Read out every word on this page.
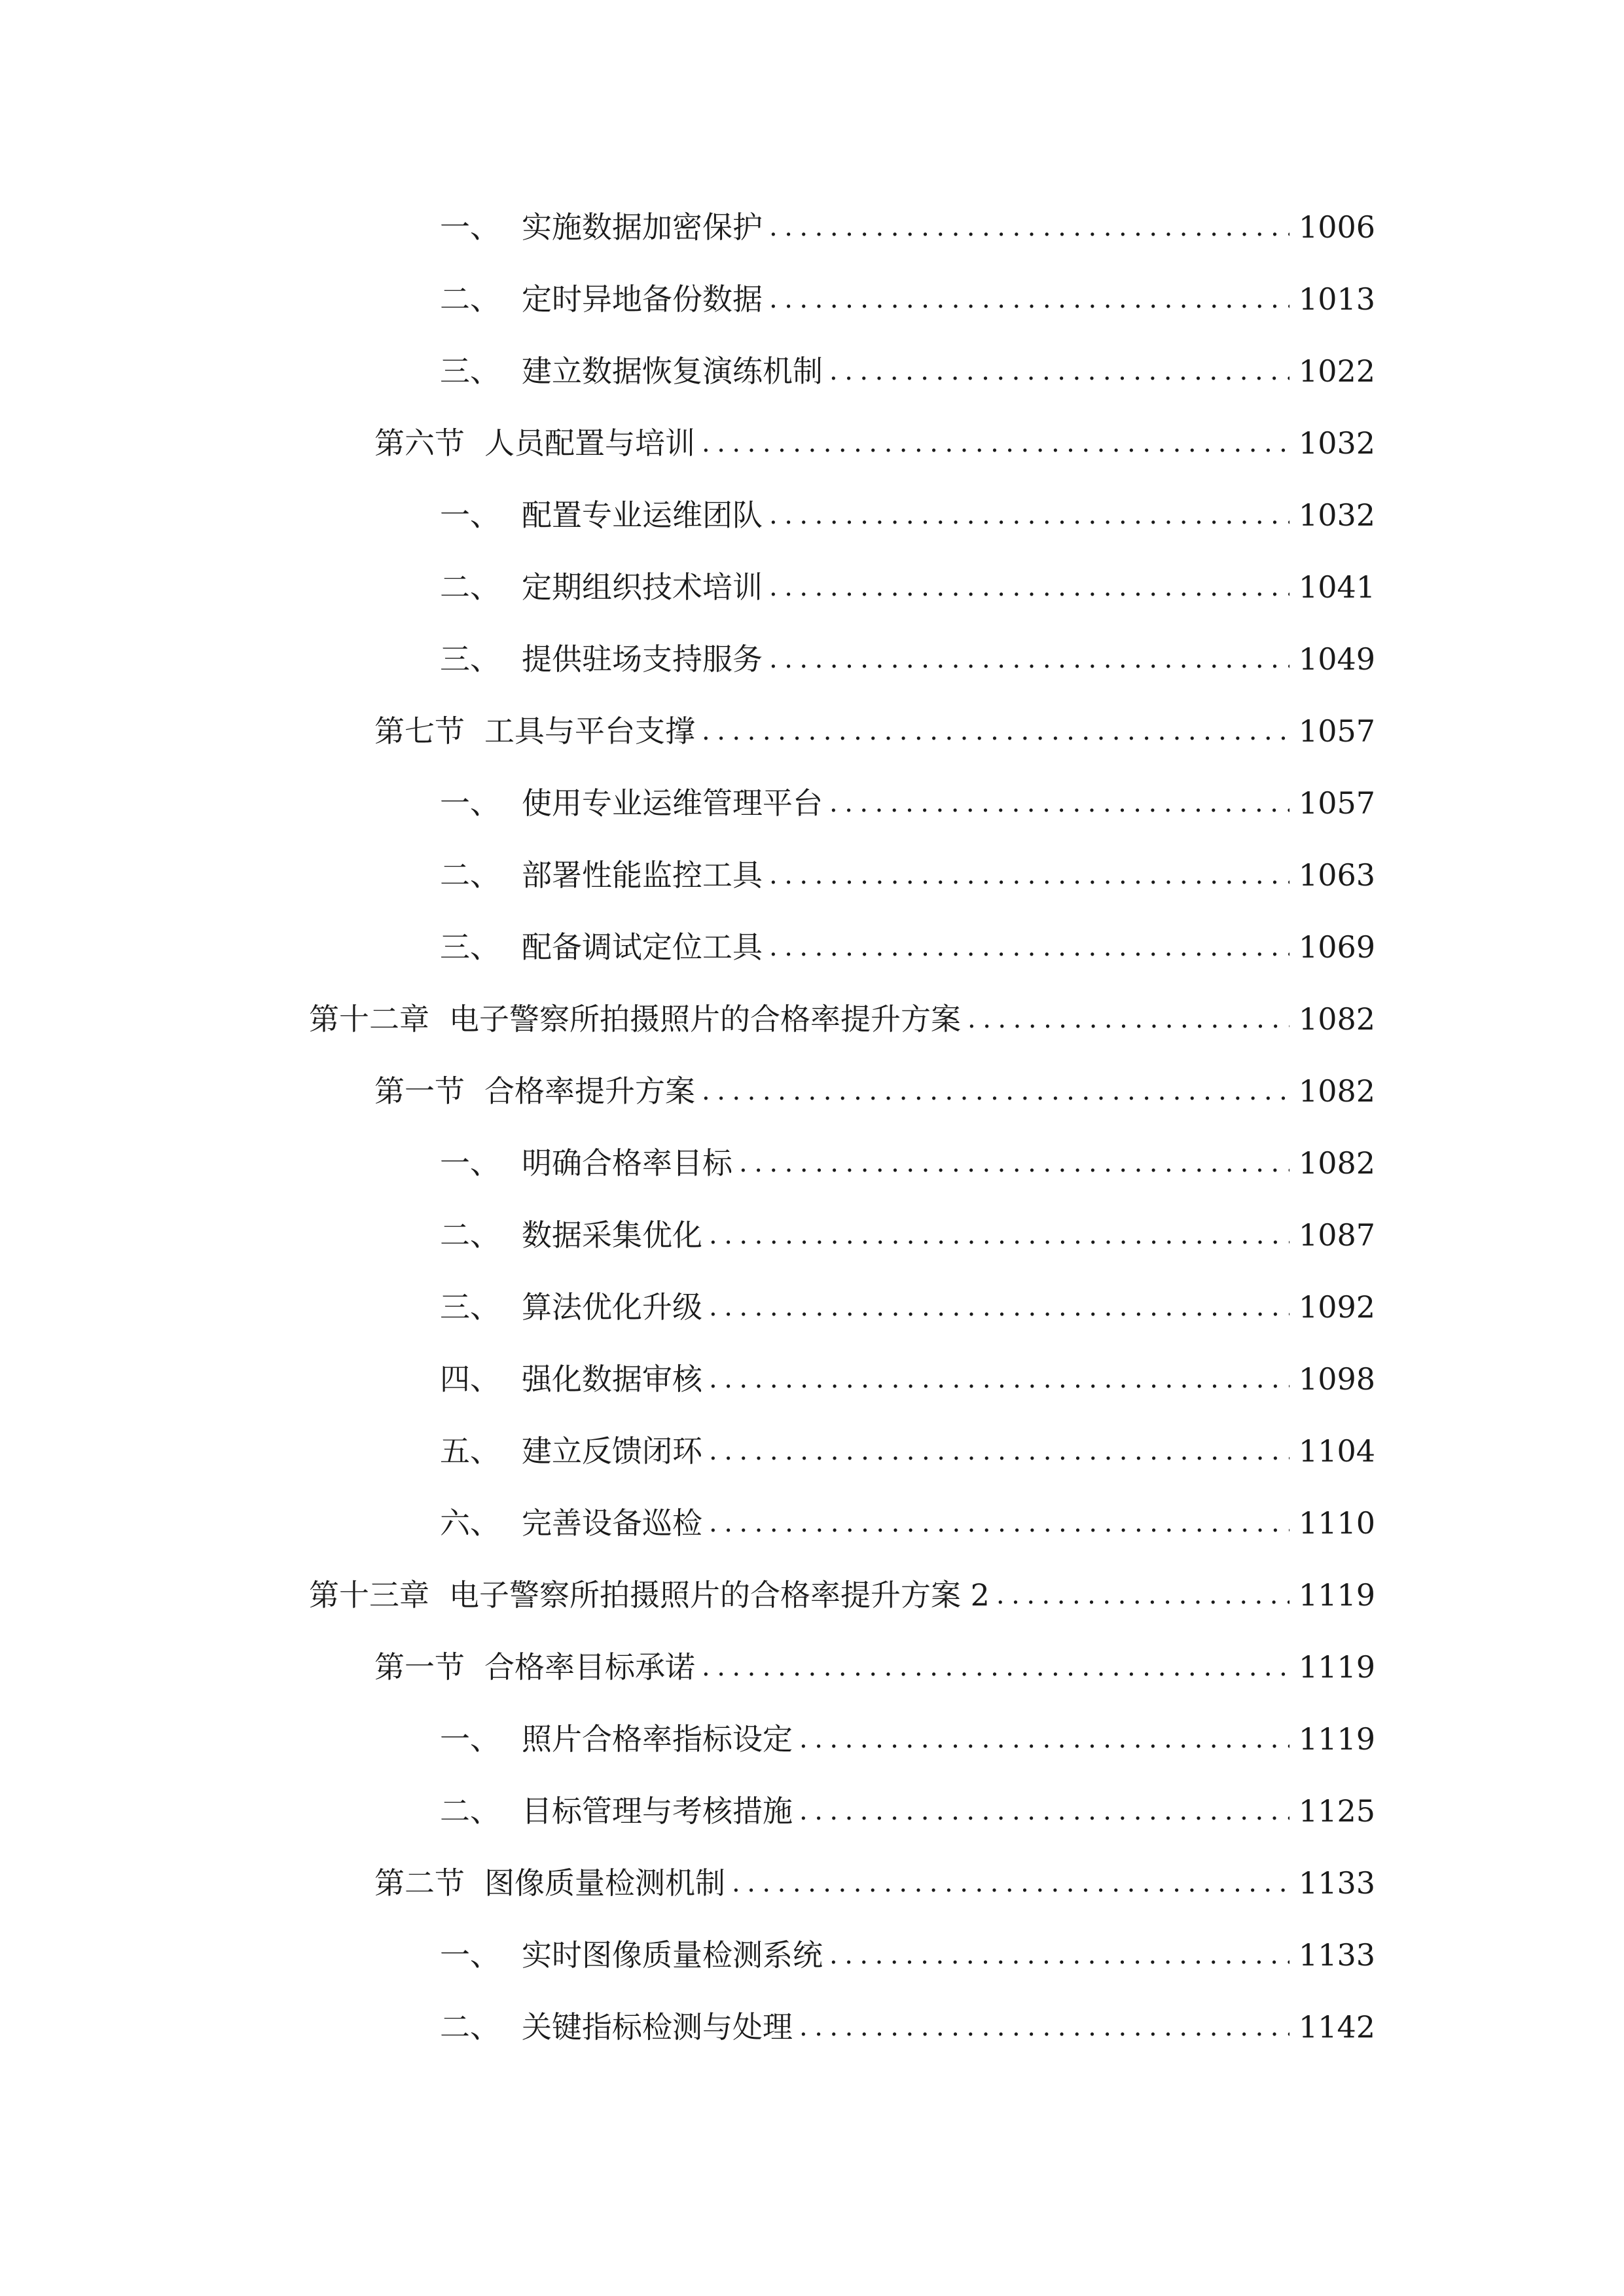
一、 实施数据加密保护 .....	1006
二、 定时异地备份数据 .....	1013
三、 建立数据恢复演练机制 .....	1022
第六节 人员配置与培训 .....	1032
一、 配置专业运维团队 .....	1032
二、 定期组织技术培训 .....	1041
三、 提供驻场支持服务 .....	1049
第七节 工具与平台支撑 .....	1057
一、 使用专业运维管理平台 .....	1057
二、 部署性能监控工具 .....	1063
三、 配备调试定位工具 .....	1069
第十二章 电子警察所拍摄照片的合格率提升方案 .....	1082
第一节 合格率提升方案 .....	1082
一、 明确合格率目标 .....	1082
二、 数据采集优化 .....	1087
三、 算法优化升级 .....	1092
四、 强化数据审核 .....	1098
五、 建立反馈闭环 .....	1104
六、 完善设备巡检 .....	1110
第十三章 电子警察所拍摄照片的合格率提升方案 2 .....	1119
第一节 合格率目标承诺 .....	1119
一、 照片合格率指标设定 .....	1119
二、 目标管理与考核措施 .....	1125
第二节 图像质量检测机制 .....	1133
一、 实时图像质量检测系统 .....	1133
二、 关键指标检测与处理 .....	1142
